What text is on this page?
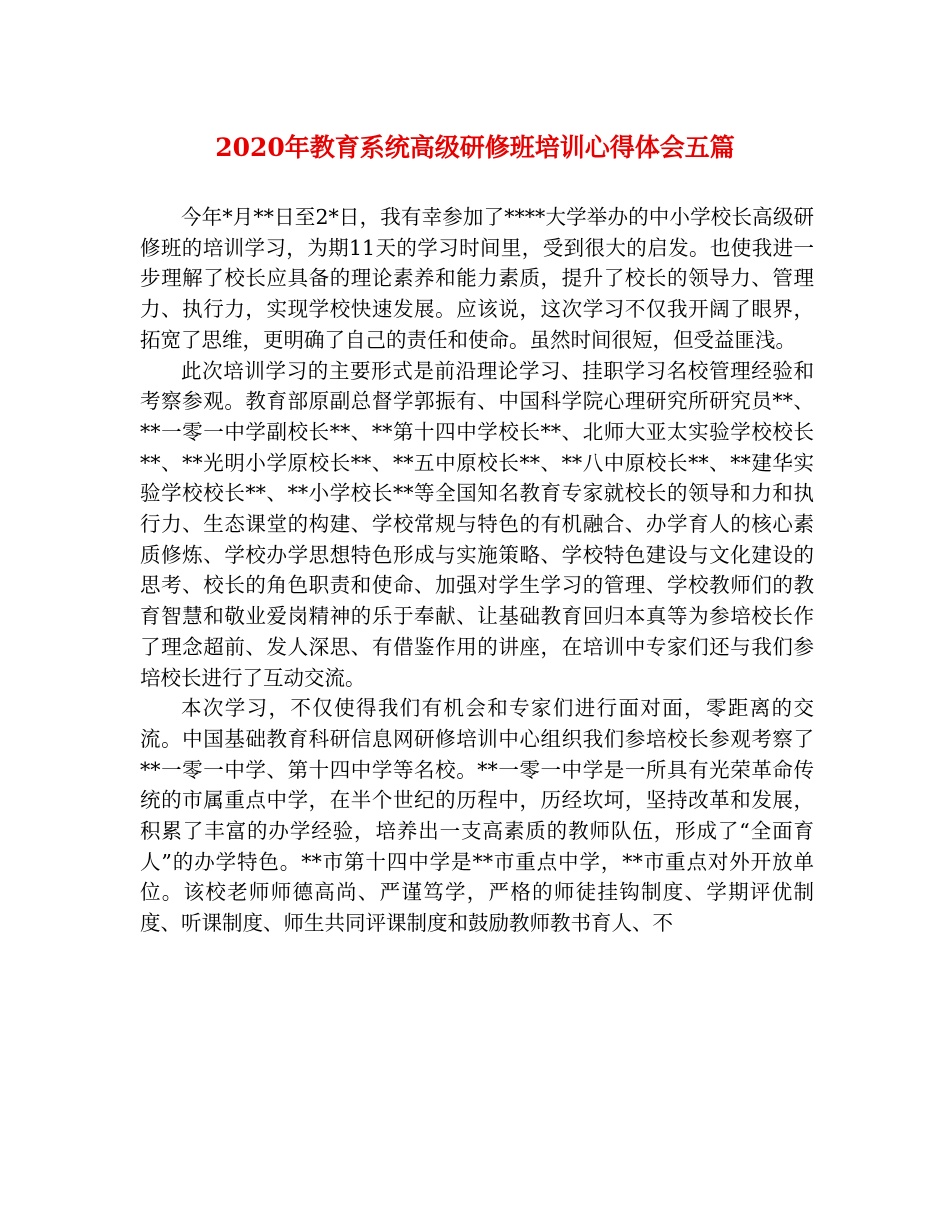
2020年教育系统高级研修班培训心得体会五篇

今年*月**日至2*日，我有幸参加了****大学举办的中小学校长高级研修班的培训学习，为期11天的学习时间里，受到很大的启发。也使我进一步理解了校长应具备的理论素养和能力素质，提升了校长的领导力、管理力、执行力，实现学校快速发展。应该说，这次学习不仅我开阔了眼界，拓宽了思维，更明确了自己的责任和使命。虽然时间很短，但受益匪浅。

此次培训学习的主要形式是前沿理论学习、挂职学习名校管理经验和考察参观。教育部原副总督学郭振有、中国科学院心理研究所研究员**、**一零一中学副校长**、**第十四中学校长**、北师大亚太实验学校校长**、**光明小学原校长**、**五中原校长**、**八中原校长**、**建华实验学校校长**、**小学校长**等全国知名教育专家就校长的领导和力和执行力、生态课堂的构建、学校常规与特色的有机融合、办学育人的核心素质修炼、学校办学思想特色形成与实施策略、学校特色建设与文化建设的思考、校长的角色职责和使命、加强对学生学习的管理、学校教师们的教育智慧和敬业爱岗精神的乐于奉献、让基础教育回归本真等为参培校长作了理念超前、发人深思、有借鉴作用的讲座，在培训中专家们还与我们参培校长进行了互动交流。

本次学习，不仅使得我们有机会和专家们进行面对面，零距离的交流。中国基础教育科研信息网研修培训中心组织我们参培校长参观考察了**一零一中学、第十四中学等名校。**一零一中学是一所具有光荣革命传统的市属重点中学，在半个世纪的历程中，历经坎坷，坚持改革和发展，积累了丰富的办学经验，培养出一支高素质的教师队伍，形成了“全面育人”的办学特色。**市第十四中学是**市重点中学，**市重点对外开放单位。该校老师师德高尚、严谨笃学，严格的师徒挂钩制度、学期评优制度、听课制度、师生共同评课制度和鼓励教师教书育人、不
